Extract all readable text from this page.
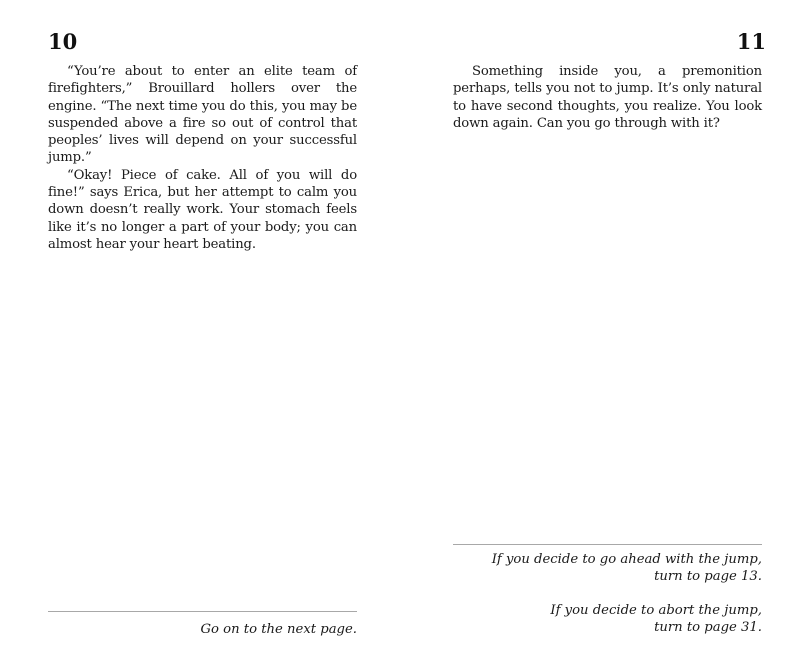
10

“You’re about to enter an elite team of firefighters,” Brouillard hollers over the engine. “The next time you do this, you may be suspended above a fire so out of control that peoples’ lives will depend on your successful jump.”

“Okay! Piece of cake. All of you will do fine!” says Erica, but her attempt to calm you down doesn’t really work. Your stomach feels like it’s no longer a part of your body; you can almost hear your heart beating.

Go on to the next page.
11

Something inside you, a premonition perhaps, tells you not to jump. It’s only natural to have second thoughts, you realize. You look down again. Can you go through with it?

If you decide to go ahead with the jump,
turn to page 13.
If you decide to abort the jump,
turn to page 31.
